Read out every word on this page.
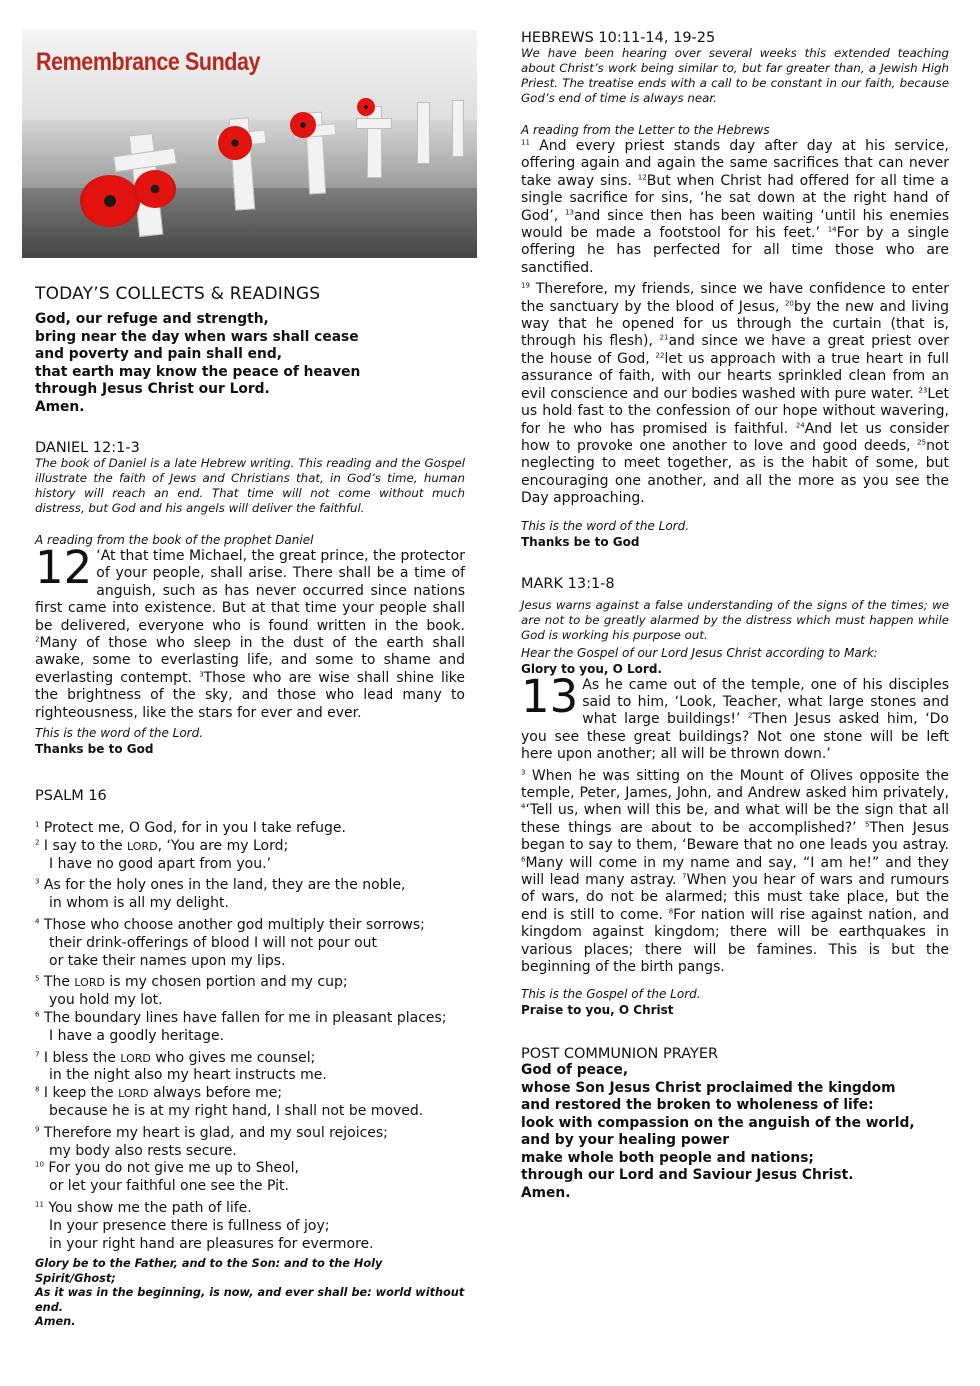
Remembrance Sunday
TODAY’S COLLECTS & READINGS
God, our refuge and strength,
bring near the day when wars shall cease
and poverty and pain shall end,
that earth may know the peace of heaven
through Jesus Christ our Lord.
Amen.
DANIEL 12:1-3
The book of Daniel is a late Hebrew writing. This reading and the Gospel illustrate the faith of Jews and Christians that, in God’s time, human history will reach an end. That time will not come without much distress, but God and his angels will deliver the faithful.
A reading from the book of the prophet Daniel
12 ‘At that time Michael, the great prince, the protector of your people, shall arise. There shall be a time of anguish, such as has never occurred since nations first came into existence. But at that time your people shall be delivered, everyone who is found written in the book. $^2$Many of those who sleep in the dust of the earth shall awake, some to everlasting life, and some to shame and everlasting contempt. $^3$Those who are wise shall shine like the brightness of the sky, and those who lead many to righteousness, like the stars for ever and ever.
This is the word of the Lord.
Thanks be to God
PSALM 16
$^1$ Protect me, O God, for in you I take refuge.
$^2$ I say to the LORD, ‘You are my Lord;
I have no good apart from you.’
$^3$ As for the holy ones in the land, they are the noble,
in whom is all my delight.
$^4$ Those who choose another god multiply their sorrows;
their drink-offerings of blood I will not pour out
or take their names upon my lips.
$^5$ The LORD is my chosen portion and my cup;
you hold my lot.
$^6$ The boundary lines have fallen for me in pleasant places;
I have a goodly heritage.
$^7$ I bless the LORD who gives me counsel;
in the night also my heart instructs me.
$^8$ I keep the LORD always before me;
because he is at my right hand, I shall not be moved.
$^9$ Therefore my heart is glad, and my soul rejoices;
my body also rests secure.
$^{10}$ For you do not give me up to Sheol,
or let your faithful one see the Pit.
$^{11}$ You show me the path of life.
In your presence there is fullness of joy;
in your right hand are pleasures for evermore.
Glory be to the Father, and to the Son: and to the Holy Spirit/Ghost;
As it was in the beginning, is now, and ever shall be: world without end.
Amen.
HEBREWS 10:11-14, 19-25
We have been hearing over several weeks this extended teaching about Christ’s work being similar to, but far greater than, a Jewish High Priest. The treatise ends with a call to be constant in our faith, because God’s end of time is always near.
A reading from the Letter to the Hebrews
$^{11}$ And every priest stands day after day at his service, offering again and again the same sacrifices that can never take away sins. $^{12}$But when Christ had offered for all time a single sacrifice for sins, ‘he sat down at the right hand of God’, $^{13}$and since then has been waiting ‘until his enemies would be made a footstool for his feet.’ $^{14}$For by a single offering he has perfected for all time those who are sanctified.
$^{19}$ Therefore, my friends, since we have confidence to enter the sanctuary by the blood of Jesus, $^{20}$by the new and living way that he opened for us through the curtain (that is, through his flesh), $^{21}$and since we have a great priest over the house of God, $^{22}$let us approach with a true heart in full assurance of faith, with our hearts sprinkled clean from an evil conscience and our bodies washed with pure water. $^{23}$Let us hold fast to the confession of our hope without wavering, for he who has promised is faithful. $^{24}$And let us consider how to provoke one another to love and good deeds, $^{25}$not neglecting to meet together, as is the habit of some, but encouraging one another, and all the more as you see the Day approaching.
This is the word of the Lord.
Thanks be to God
MARK 13:1-8
Jesus warns against a false understanding of the signs of the times; we are not to be greatly alarmed by the distress which must happen while God is working his purpose out.
Hear the Gospel of our Lord Jesus Christ according to Mark:
Glory to you, O Lord.
13 As he came out of the temple, one of his disciples said to him, ‘Look, Teacher, what large stones and what large buildings!’ $^2$Then Jesus asked him, ‘Do you see these great buildings? Not one stone will be left here upon another; all will be thrown down.’
$^3$ When he was sitting on the Mount of Olives opposite the temple, Peter, James, John, and Andrew asked him privately, $^4$‘Tell us, when will this be, and what will be the sign that all these things are about to be accomplished?’ $^5$Then Jesus began to say to them, ‘Beware that no one leads you astray. $^6$Many will come in my name and say, “I am he!” and they will lead many astray. $^7$When you hear of wars and rumours of wars, do not be alarmed; this must take place, but the end is still to come. $^8$For nation will rise against nation, and kingdom against kingdom; there will be earthquakes in various places; there will be famines. This is but the beginning of the birth pangs.
This is the Gospel of the Lord.
Praise to you, O Christ
POST COMMUNION PRAYER
God of peace,
whose Son Jesus Christ proclaimed the kingdom
and restored the broken to wholeness of life:
look with compassion on the anguish of the world,
and by your healing power
make whole both people and nations;
through our Lord and Saviour Jesus Christ.
Amen.
